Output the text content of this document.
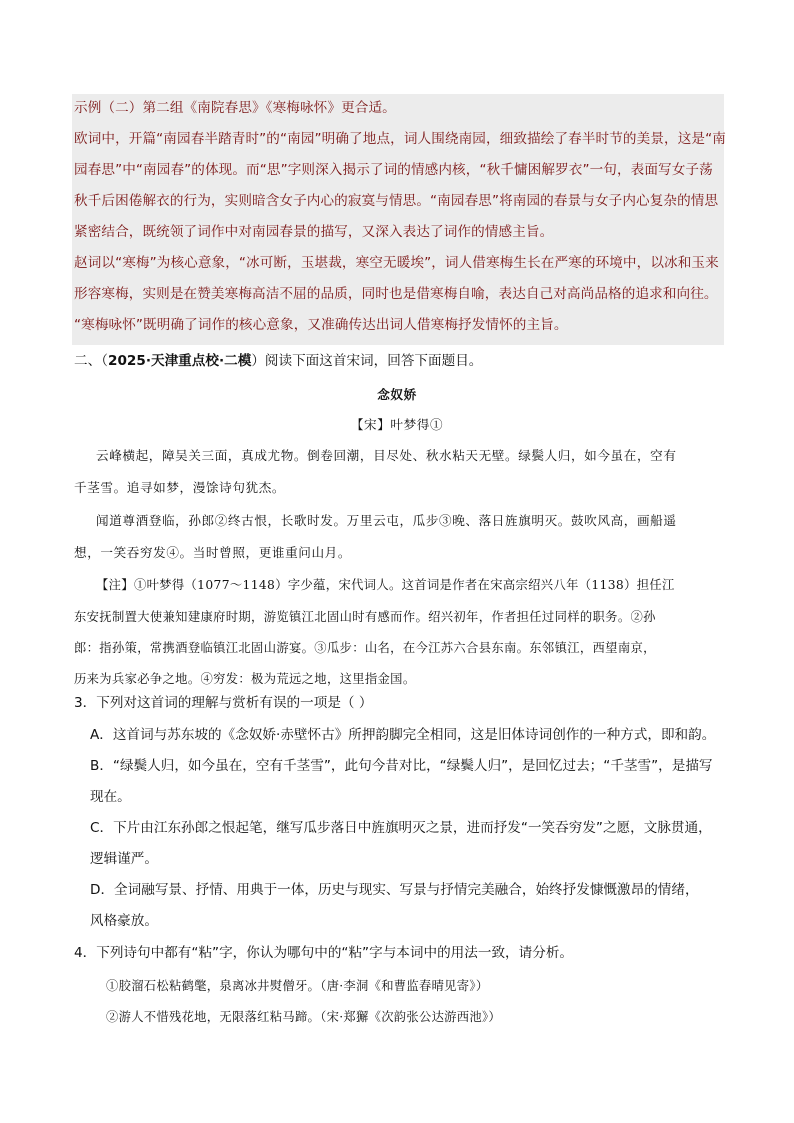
示例（二）第二组《南院春思》《寒梅咏怀》更合适。
欧词中，开篇“南园春半踏青时”的“南园”明确了地点，词人围绕南园，细致描绘了春半时节的美景，这是“南
园春思”中“南园春”的体现。而“思”字则深入揭示了词的情感内核，“秋千慵困解罗衣”一句，表面写女子荡
秋千后困倦解衣的行为，实则暗含女子内心的寂寞与情思。“南园春思”将南园的春景与女子内心复杂的情思
紧密结合，既统领了词作中对南园春景的描写，又深入表达了词作的情感主旨。
赵词以“寒梅”为核心意象，“冰可断，玉堪裁，寒空无暖埃”，词人借寒梅生长在严寒的环境中，以冰和玉来
形容寒梅，实则是在赞美寒梅高洁不屈的品质，同时也是借寒梅自喻，表达自己对高尚品格的追求和向往。
“寒梅咏怀”既明确了词作的核心意象，又准确传达出词人借寒梅抒发情怀的主旨。
二、（2025·天津重点校·二模）阅读下面这首宋词，回答下面题目。
念奴娇
【宋】叶梦得①
云峰横起，障吴关三面，真成尤物。倒卷回潮，目尽处、秋水粘天无壁。绿鬓人归，如今虽在，空有
千茎雪。追寻如梦，漫馀诗句犹杰。
闻道尊酒登临，孙郎②终古恨，长歌时发。万里云屯，瓜步③晚、落日旌旗明灭。鼓吹风高，画船遥
想，一笑吞穷发④。当时曾照，更谁重问山月。
【注】①叶梦得（1077～1148）字少蕴，宋代词人。这首词是作者在宋高宗绍兴八年（1138）担任江
东安抚制置大使兼知建康府时期，游览镇江北固山时有感而作。绍兴初年，作者担任过同样的职务。②孙
郎：指孙策，常携酒登临镇江北固山游宴。③瓜步：山名，在今江苏六合县东南。东邻镇江，西望南京，
历来为兵家必争之地。④穷发：极为荒远之地，这里指金国。
3．下列对这首词的理解与赏析有误的一项是（ ）
A．这首词与苏东坡的《念奴娇·赤壁怀古》所押韵脚完全相同，这是旧体诗词创作的一种方式，即和韵。
B．“绿鬓人归，如今虽在，空有千茎雪”，此句今昔对比，“绿鬓人归”，是回忆过去；“千茎雪”，是描写
现在。
C．下片由江东孙郎之恨起笔，继写瓜步落日中旌旗明灭之景，进而抒发“一笑吞穷发”之愿，文脉贯通，
逻辑谨严。
D．全词融写景、抒情、用典于一体，历史与现实、写景与抒情完美融合，始终抒发慷慨激昂的情绪，
风格豪放。
4．下列诗句中都有“粘”字，你认为哪句中的“粘”字与本词中的用法一致，请分析。
①胶溜石松粘鹤氅，泉离冰井熨僧牙。（唐·李洞《和曹监春晴见寄》）
②游人不惜残花地，无限落红粘马蹄。（宋·郑獬《次韵张公达游西池》）
